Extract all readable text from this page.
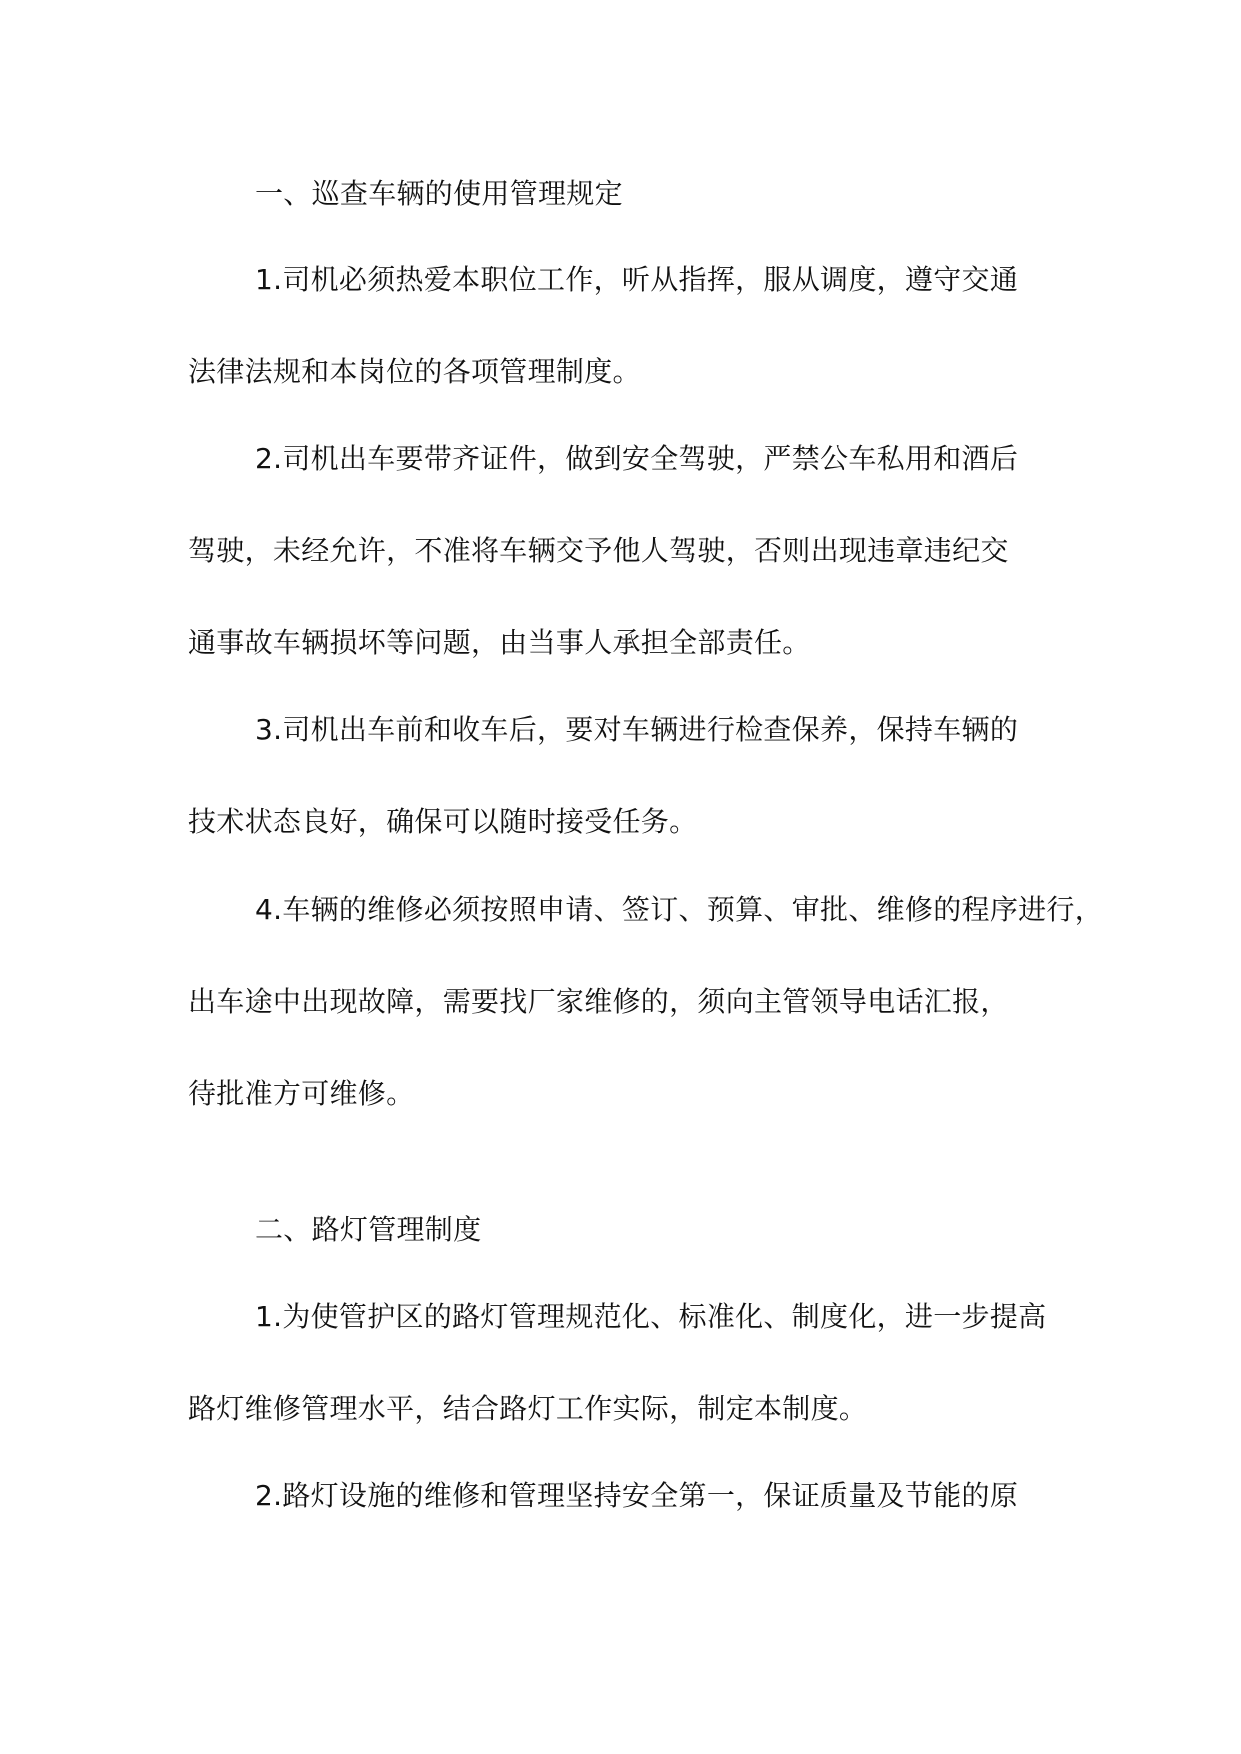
一、巡查车辆的使用管理规定
1.司机必须热爱本职位工作，听从指挥，服从调度，遵守交通
法律法规和本岗位的各项管理制度。
2.司机出车要带齐证件，做到安全驾驶，严禁公车私用和酒后
驾驶，未经允许，不准将车辆交予他人驾驶，否则出现违章违纪交
通事故车辆损坏等问题，由当事人承担全部责任。
3.司机出车前和收车后，要对车辆进行检查保养，保持车辆的
技术状态良好，确保可以随时接受任务。
4.车辆的维修必须按照申请、签订、预算、审批、维修的程序进行，
出车途中出现故障，需要找厂家维修的，须向主管领导电话汇报，
待批准方可维修。
二、路灯管理制度
1.为使管护区的路灯管理规范化、标准化、制度化，进一步提高
路灯维修管理水平，结合路灯工作实际，制定本制度。
2.路灯设施的维修和管理坚持安全第一，保证质量及节能的原
